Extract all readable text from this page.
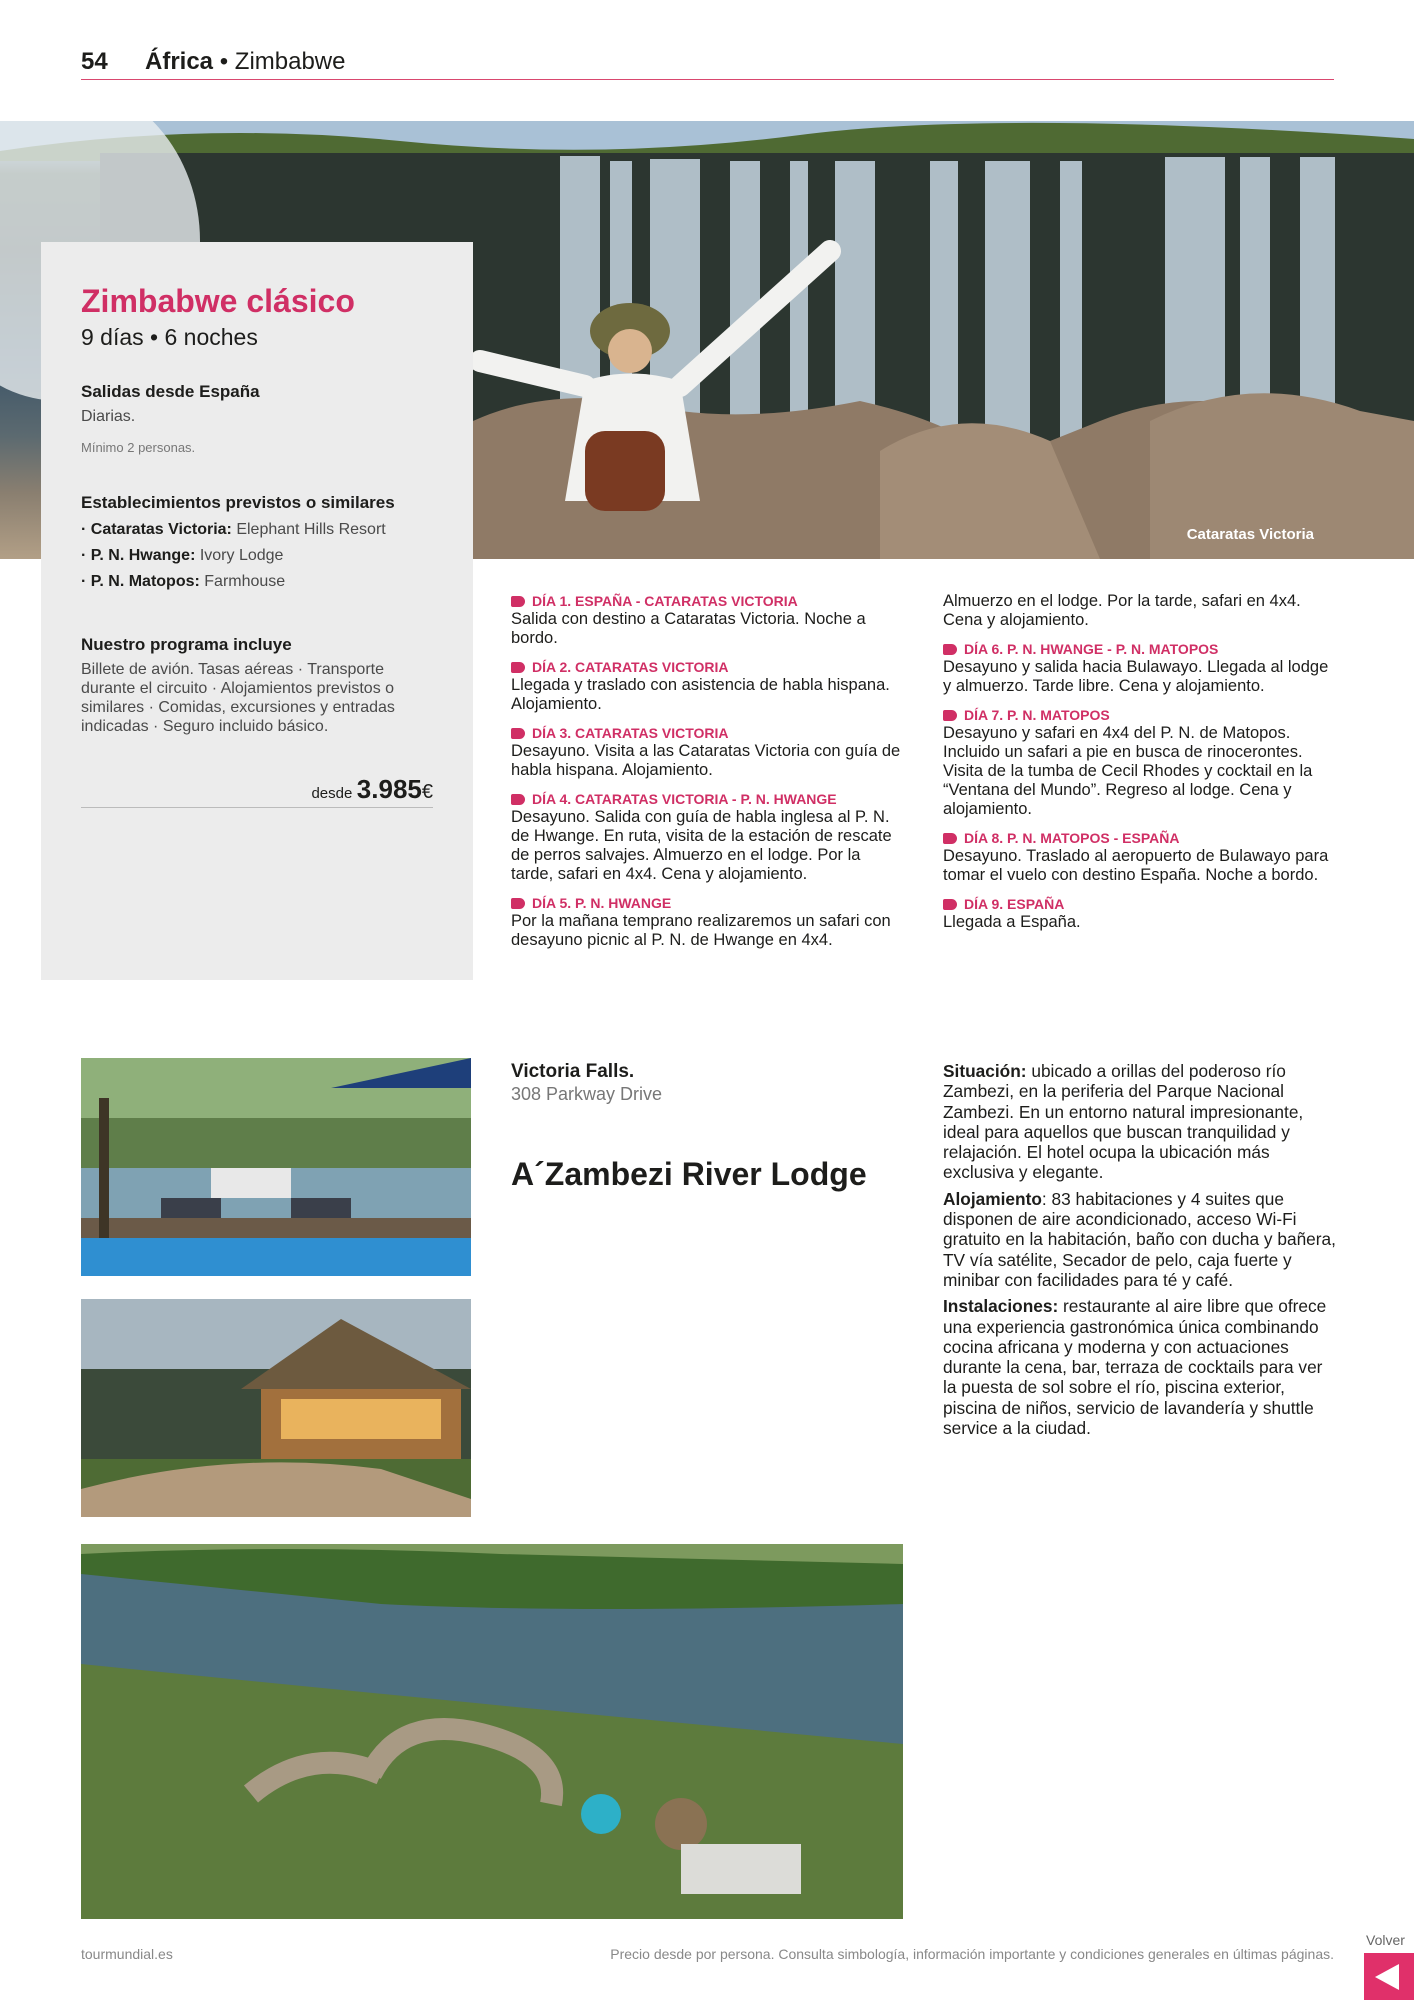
54 África • Zimbabwe
Cataratas Victoria
Zimbabwe clásico
9 días • 6 noches
Salidas desde España
Diarias.
Mínimo 2 personas.
Establecimientos previstos o similares
· Cataratas Victoria: Elephant Hills Resort
· P. N. Hwange: Ivory Lodge
· P. N. Matopos: Farmhouse
Nuestro programa incluye
Billete de avión. Tasas aéreas · Transporte durante el circuito · Alojamientos previstos o similares · Comidas, excursiones y entradas indicadas · Seguro incluido básico.
desde 3.985€
DÍA 1. ESPAÑA - CATARATAS VICTORIA
Salida con destino a Cataratas Victoria. Noche a bordo.
DÍA 2. CATARATAS VICTORIA
Llegada y traslado con asistencia de habla hispana. Alojamiento.
DÍA 3. CATARATAS VICTORIA
Desayuno. Visita a las Cataratas Victoria con guía de habla hispana. Alojamiento.
DÍA 4. CATARATAS VICTORIA - P. N. HWANGE
Desayuno. Salida con guía de habla inglesa al P. N. de Hwange. En ruta, visita de la estación de rescate de perros salvajes. Almuerzo en el lodge. Por la tarde, safari en 4x4. Cena y alojamiento.
DÍA 5. P. N. HWANGE
Por la mañana temprano realizaremos un safari con desayuno picnic al P. N. de Hwange en 4x4.
Almuerzo en el lodge. Por la tarde, safari en 4x4. Cena y alojamiento.
DÍA 6. P. N. HWANGE - P. N. MATOPOS
Desayuno y salida hacia Bulawayo. Llegada al lodge y almuerzo. Tarde libre. Cena y alojamiento.
DÍA 7. P. N. MATOPOS
Desayuno y safari en 4x4 del P. N. de Matopos. Incluido un safari a pie en busca de rinocerontes. Visita de la tumba de Cecil Rhodes y cocktail en la “Ventana del Mundo”. Regreso al lodge. Cena y alojamiento.
DÍA 8. P. N. MATOPOS - ESPAÑA
Desayuno. Traslado al aeropuerto de Bulawayo para tomar el vuelo con destino España. Noche a bordo.
DÍA 9. ESPAÑA
Llegada a España.
Victoria Falls.
308 Parkway Drive
A´Zambezi River Lodge

Situación: ubicado a orillas del poderoso río Zambezi, en la periferia del Parque Nacional Zambezi. En un entorno natural impresionante, ideal para aquellos que buscan tranquilidad y relajación. El hotel ocupa la ubicación más exclusiva y elegante.

Alojamiento: 83 habitaciones y 4 suites que disponen de aire acondicionado, acceso Wi-Fi gratuito en la habitación, baño con ducha y bañera, TV vía satélite, Secador de pelo, caja fuerte y minibar con facilidades para té y café.

Instalaciones: restaurante al aire libre que ofrece una experiencia gastronómica única combinando cocina africana y moderna y con actuaciones durante la cena, bar, terraza de cocktails para ver la puesta de sol sobre el río, piscina exterior, piscina de niños, servicio de lavandería y shuttle service a la ciudad.

tourmundial.es	Precio desde por persona. Consulta simbología, información importante y condiciones generales en últimas páginas.
Volver
